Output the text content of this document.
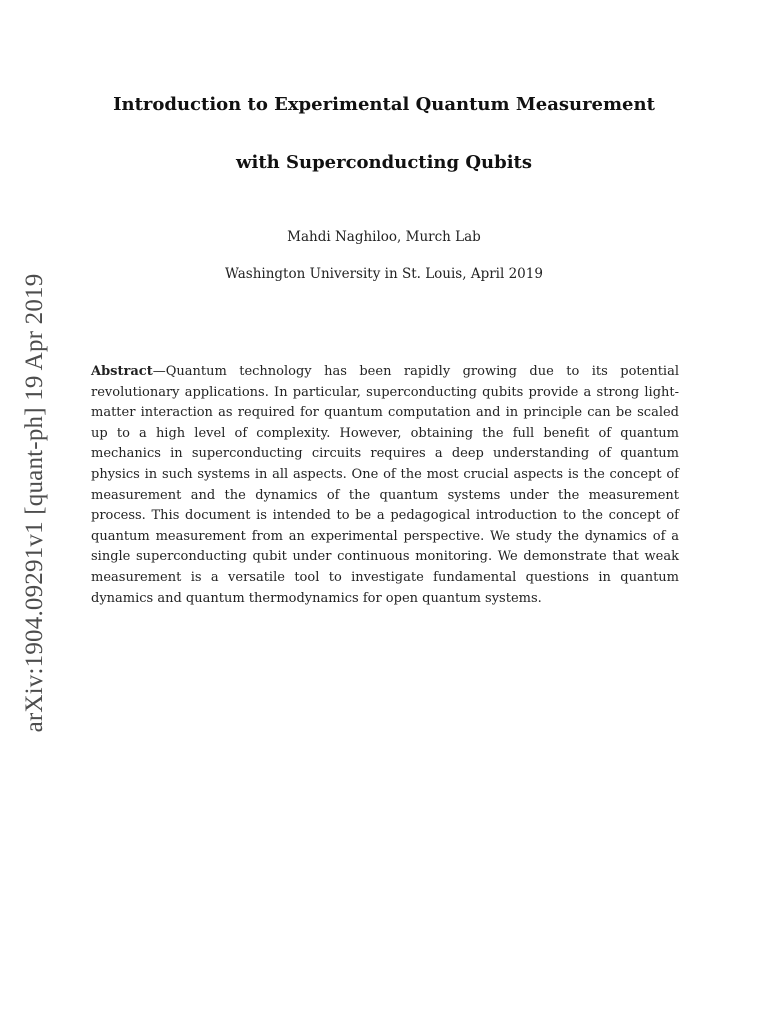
arXiv:1904.09291v1 [quant-ph] 19 Apr 2019
Introduction to Experimental Quantum Measurement
with Superconducting Qubits
Mahdi Naghiloo, Murch Lab
Washington University in St. Louis, April 2019
Abstract—Quantum technology has been rapidly growing due to its potential revolutionary applications. In particular, superconducting qubits provide a strong light-matter interaction as required for quantum computation and in principle can be scaled up to a high level of complexity. However, obtaining the full benefit of quantum mechanics in superconducting circuits requires a deep understanding of quantum physics in such systems in all aspects. One of the most crucial aspects is the concept of measurement and the dynamics of the quantum systems under the measurement process. This document is intended to be a pedagogical introduction to the concept of quantum measurement from an experimental perspective. We study the dynamics of a single superconducting qubit under continuous monitoring. We demonstrate that weak measurement is a versatile tool to investigate fundamental questions in quantum dynamics and quantum thermodynamics for open quantum systems.
